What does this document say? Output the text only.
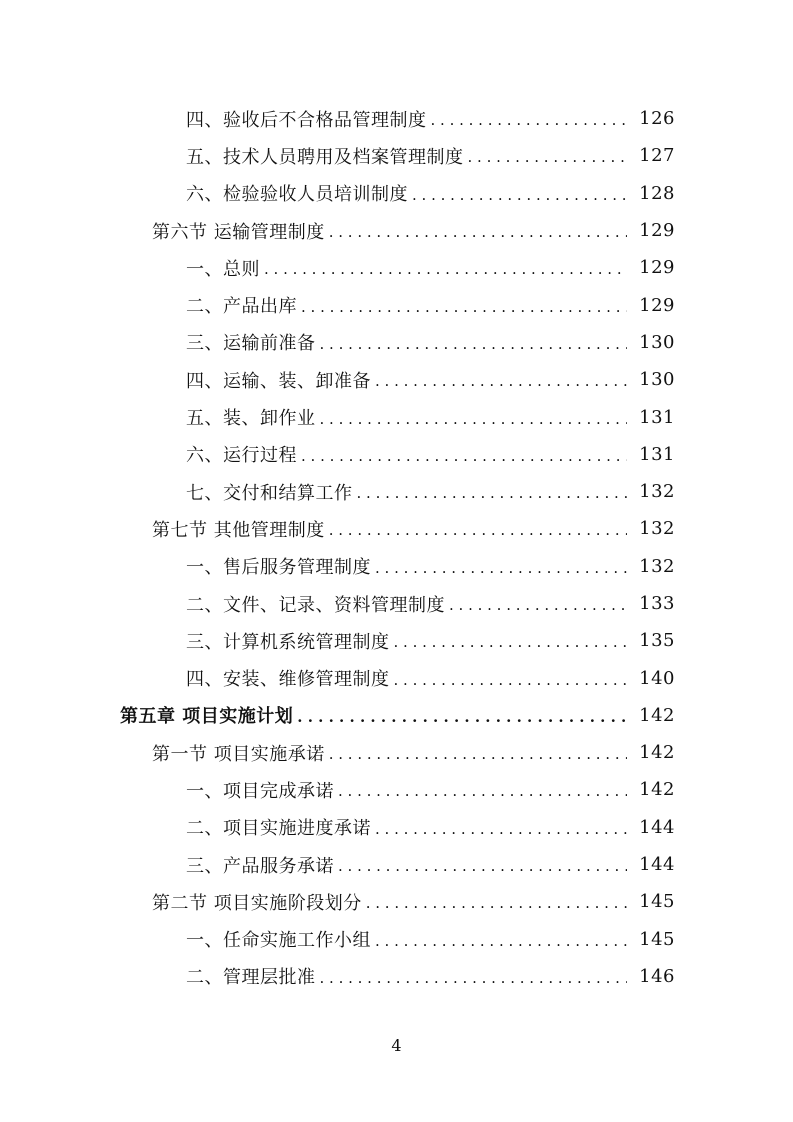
四、验收后不合格品管理制度 . . .	126
五、技术人员聘用及档案管理制度 . . .	127
六、检验验收人员培训制度 . . .	128
第六节 运输管理制度 . . .	129
一、总则 . . .	129
二、产品出库 . . .	129
三、运输前准备 . . .	130
四、运输、装、卸准备 . . .	130
五、装、卸作业 . . .	131
六、运行过程 . . .	131
七、交付和结算工作 . . .	132
第七节 其他管理制度 . . .	132
一、售后服务管理制度 . . .	132
二、文件、记录、资料管理制度 . . .	133
三、计算机系统管理制度 . . .	135
四、安装、维修管理制度 . . .	140
第五章 项目实施计划 . . .	142
第一节 项目实施承诺 . . .	142
一、项目完成承诺 . . .	142
二、项目实施进度承诺 . . .	144
三、产品服务承诺 . . .	144
第二节 项目实施阶段划分 . . .	145
一、任命实施工作小组 . . .	145
二、管理层批准 . . .	146
4
